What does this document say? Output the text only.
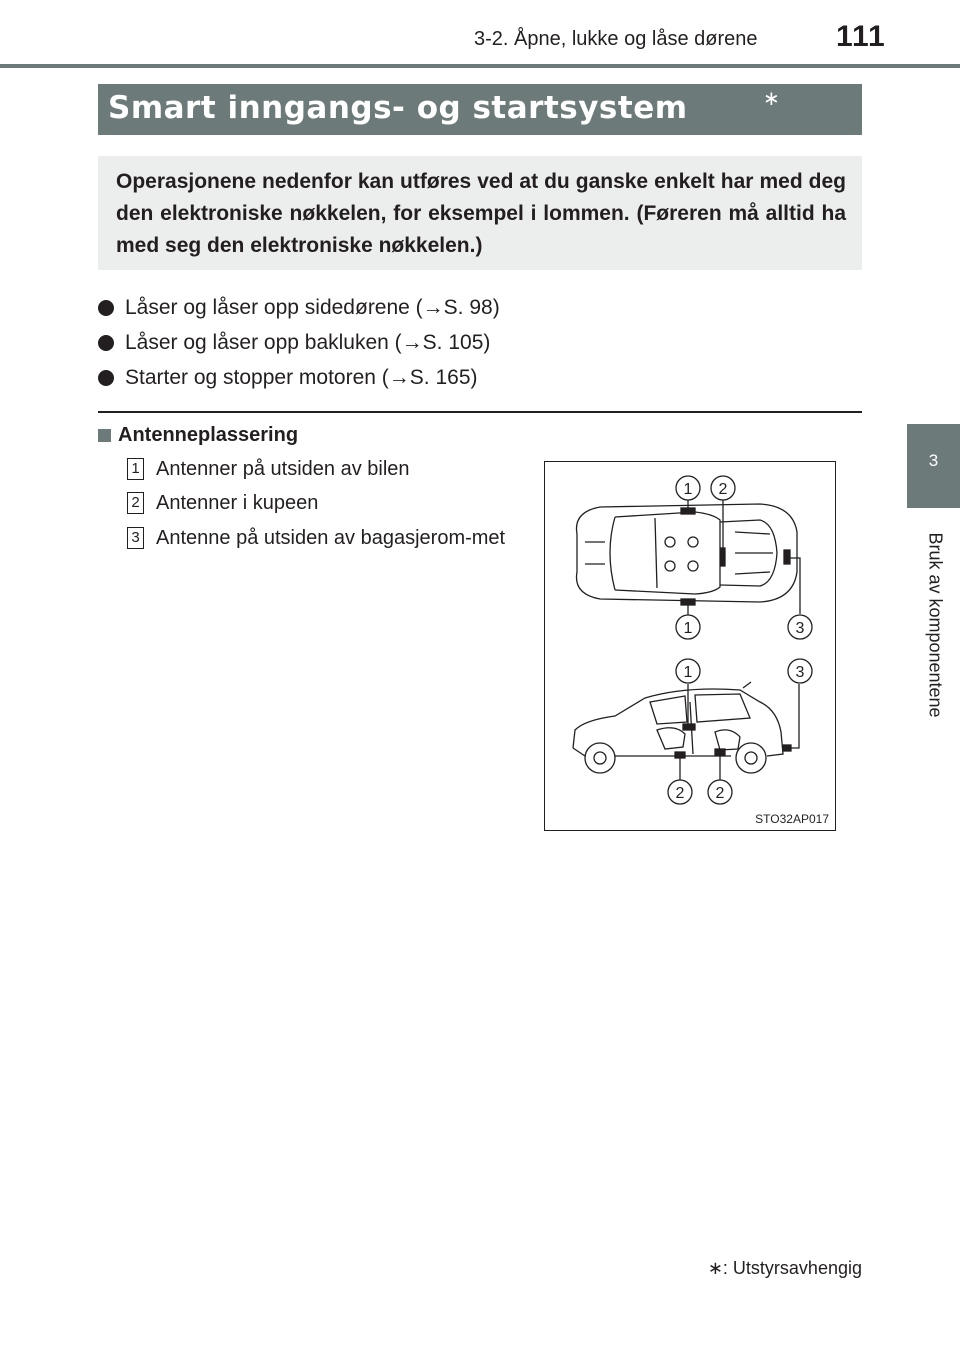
3-2. Åpne, lukke og låse dørene	111
3
Bruk av komponentene
Smart inngangs- og startsystem	∗
Operasjonene nedenfor kan utføres ved at du ganske enkelt har med deg den elektroniske nøkkelen, for eksempel i lommen. (Føreren må alltid ha med seg den elektroniske nøkkelen.)
Låser og låser opp sidedørene (→S. 98)
Låser og låser opp bakluken (→S. 105)
Starter og stopper motoren (→S. 165)
Antenneplassering
1 Antenner på utsiden av bilen
2 Antenner i kupeen
3 Antenne på utsiden av bagasjerom-met
1 2
1	3
1	3
2 2
STO32AP017
∗: Utstyrsavhengig
